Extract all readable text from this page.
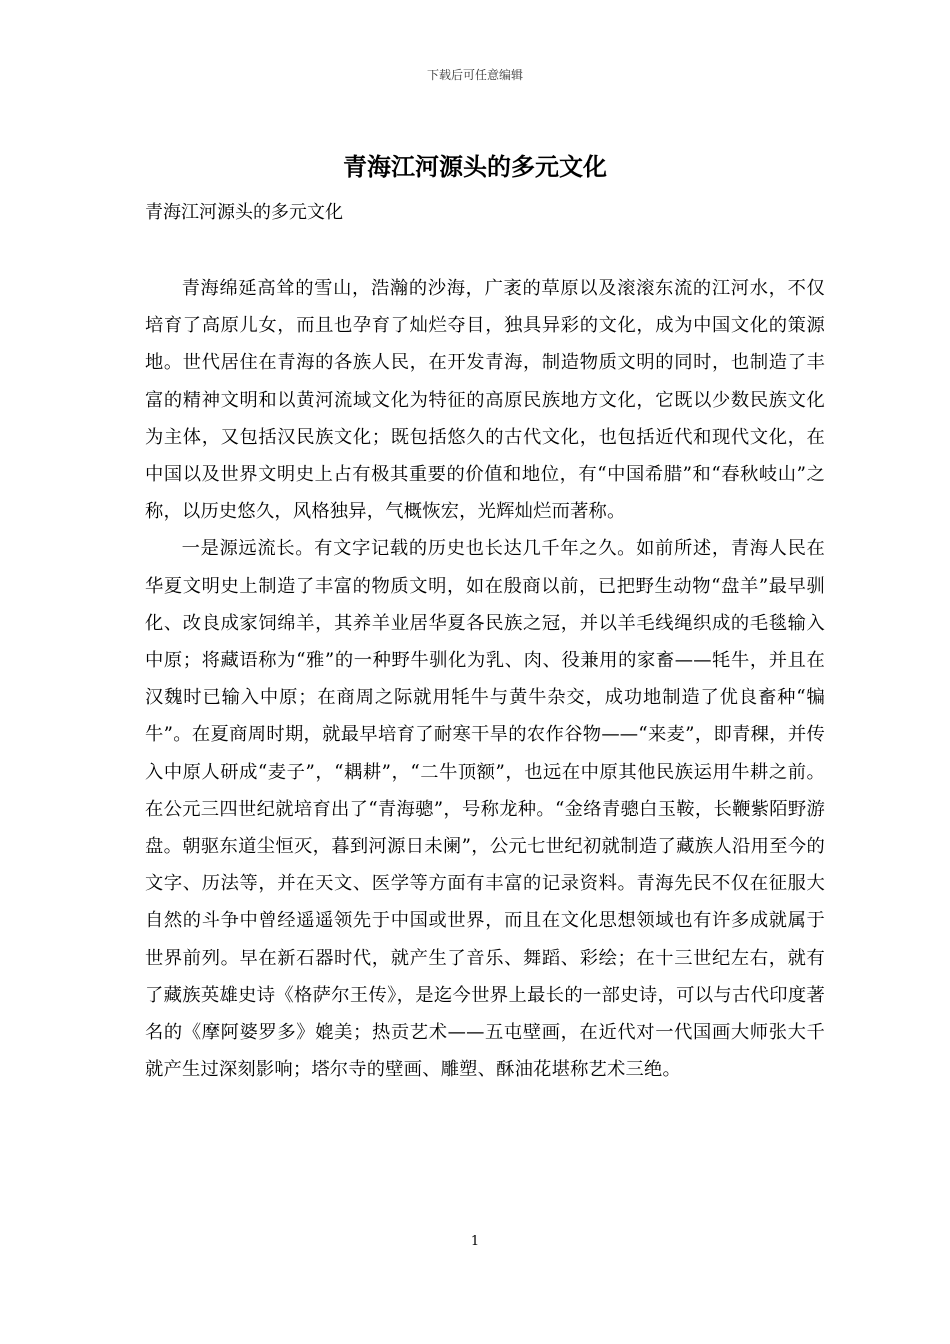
下载后可任意编辑
青海江河源头的多元文化
青海江河源头的多元文化

青海绵延高耸的雪山，浩瀚的沙海，广袤的草原以及滚滚东流的江河水，不仅培育了高原儿女，而且也孕育了灿烂夺目，独具异彩的文化，成为中国文化的策源地。世代居住在青海的各族人民，在开发青海，制造物质文明的同时，也制造了丰富的精神文明和以黄河流域文化为特征的高原民族地方文化，它既以少数民族文化为主体，又包括汉民族文化；既包括悠久的古代文化，也包括近代和现代文化，在中国以及世界文明史上占有极其重要的价值和地位，有“中国希腊”和“春秋岐山”之称，以历史悠久，风格独异，气概恢宏，光辉灿烂而著称。

一是源远流长。有文字记载的历史也长达几千年之久。如前所述，青海人民在华夏文明史上制造了丰富的物质文明，如在殷商以前，已把野生动物“盘羊”最早驯化、改良成家饲绵羊，其养羊业居华夏各民族之冠，并以羊毛线绳织成的毛毯输入中原；将藏语称为“雅”的一种野牛驯化为乳、肉、役兼用的家畜——牦牛，并且在汉魏时已输入中原；在商周之际就用牦牛与黄牛杂交，成功地制造了优良畜种“犏牛”。在夏商周时期，就最早培育了耐寒干旱的农作谷物——“来麦”，即青稞，并传入中原人研成“麦子”，“耦耕”，“二牛顶额”，也远在中原其他民族运用牛耕之前。在公元三四世纪就培育出了“青海骢”，号称龙种。“金络青骢白玉鞍，长鞭紫陌野游盘。朝驱东道尘恒灭，暮到河源日未阑”，公元七世纪初就制造了藏族人沿用至今的文字、历法等，并在天文、医学等方面有丰富的记录资料。青海先民不仅在征服大自然的斗争中曾经遥遥领先于中国或世界，而且在文化思想领域也有许多成就属于世界前列。早在新石器时代，就产生了音乐、舞蹈、彩绘；在十三世纪左右，就有了藏族英雄史诗《格萨尔王传》，是迄今世界上最长的一部史诗，可以与古代印度著名的《摩阿婆罗多》媲美；热贡艺术——五屯壁画，在近代对一代国画大师张大千就产生过深刻影响；塔尔寺的壁画、雕塑、酥油花堪称艺术三绝。

1
